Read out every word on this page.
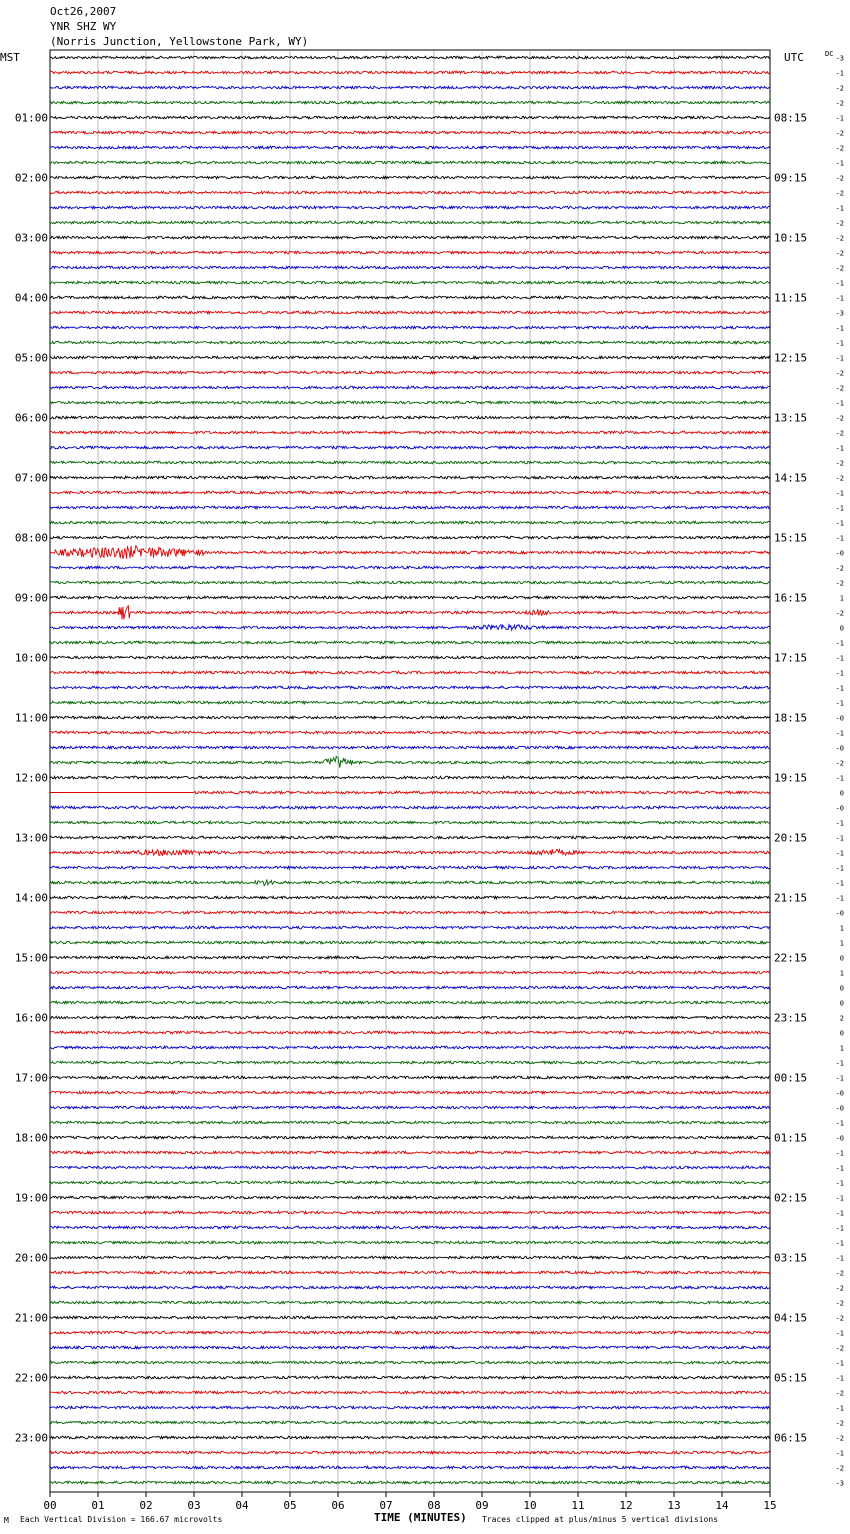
Oct26,2007
YNR SHZ WY
(Norris Junction, Yellowstone Park, WY)
MST	UTC	DC
01:00
02:00
03:00
04:00
05:00
06:00
07:00
08:00
09:00
10:00
11:00
12:00
13:00
14:00
15:00
16:00
17:00
18:00
19:00
20:00
21:00
22:00
23:00
08:15
09:15
10:15
11:15
12:15
13:15
14:15
15:15
16:15
17:15
18:15
19:15
20:15
21:15
22:15
23:15
00:15
01:15
02:15
03:15
04:15
05:15
06:15
-3
-1
-2
-2
-1
-2
-2
-1
-2
-2
-1
-2
-2
-2
-2
-1
-1
-3
-1
-1
-1
-2
-2
-1
-2
-2
-1
-2
-2
-1
-1
-1
-1
-0
-2
-2
1
-2
0
-1
-1
-1
-1
-1
-0
-1
-0
-2
-1
0
-0
-1
-1
-1
-1
-1
-1
-0
1
1
0
1
0
0
2
0
1
-1
-1
-0
-0
-1
-0
-1
-1
-1
-1
-1
-1
-1
-1
-2
-2
-2
-2
-1
-2
-1
-1
-2
-1
-2
-2
-1
-2
-3
00	01	02	03	04	05	06	07	08	09	10	11	12	13	14	15
M Each Vertical Division = 166.67 microvolts	TIME (MINUTES) Traces clipped at plus/minus 5 vertical divisions
